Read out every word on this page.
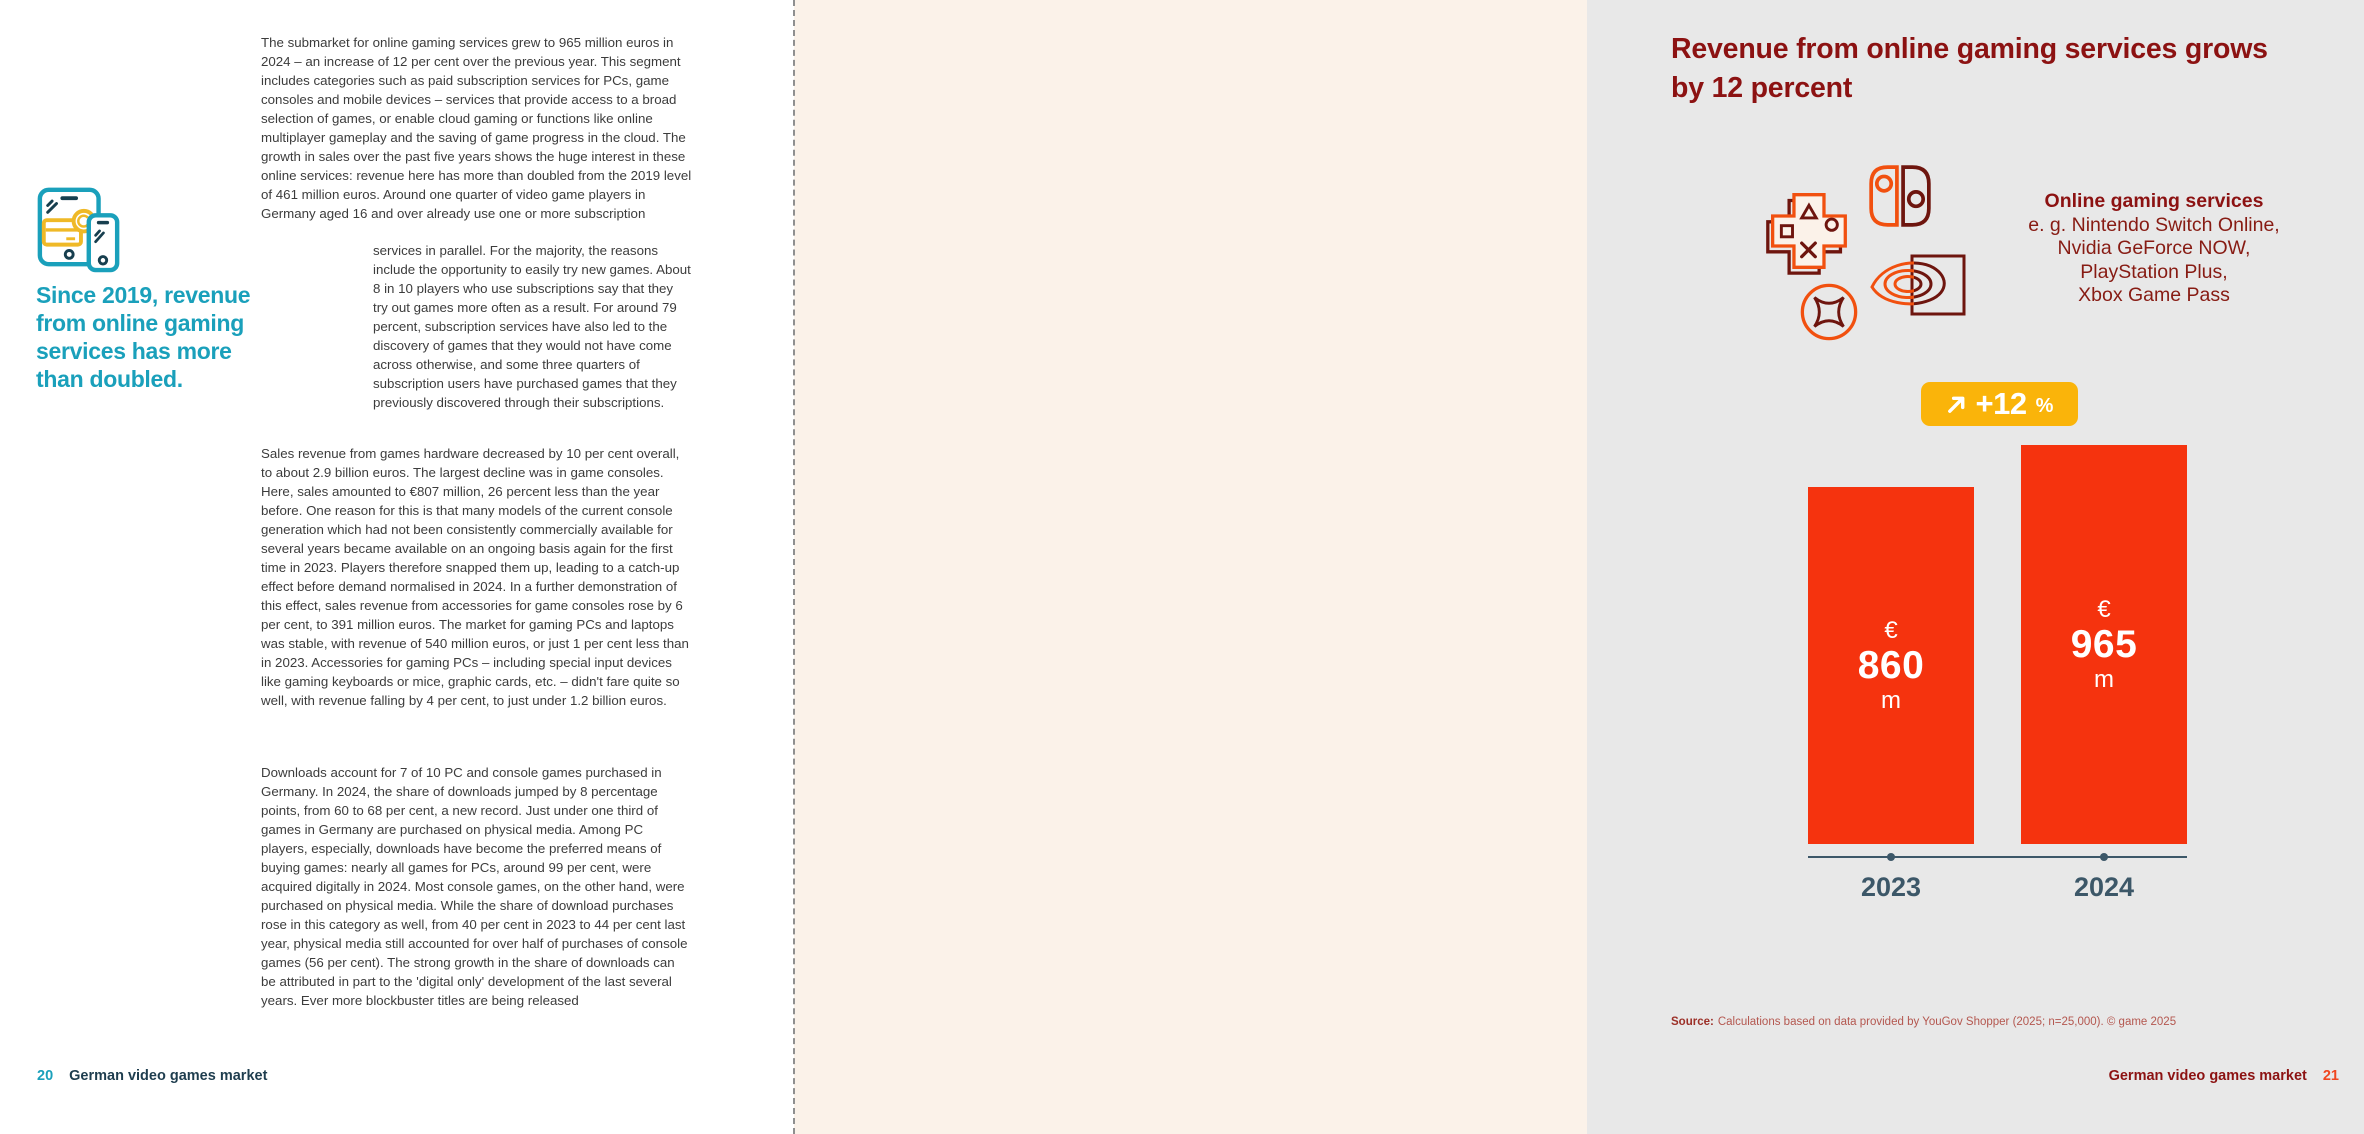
Since 2019, revenue from online gaming services has more than doubled.
The submarket for online gaming services grew to 965 million euros in 2024 – an increase of 12 per cent over the previous year. This segment includes categories such as paid subscription services for PCs, game consoles and mobile devices – services that provide access to a broad selection of games, or enable cloud gaming or functions like online multiplayer gameplay and the saving of game progress in the cloud. The growth in sales over the past five years shows the huge interest in these online services: revenue here has more than doubled from the 2019 level of 461 million euros. Around one quarter of video game players in Germany aged 16 and over already use one or more subscription
services in parallel. For the majority, the reasons include the opportunity to easily try new games. About 8 in 10 players who use subscriptions say that they try out games more often as a result. For around 79 percent, subscription services have also led to the discovery of games that they would not have come across otherwise, and some three quarters of subscription users have purchased games that they previously discovered through their subscriptions.
Sales revenue from games hardware decreased by 10 per cent overall, to about 2.9 billion euros. The largest decline was in game consoles. Here, sales amounted to €807 million, 26 percent less than the year before. One reason for this is that many models of the current console generation which had not been consistently commercially available for several years became available on an ongoing basis again for the first time in 2023. Players therefore snapped them up, leading to a catch-up effect before demand normalised in 2024. In a further demonstration of this effect, sales revenue from accessories for game consoles rose by 6 per cent, to 391 million euros. The market for gaming PCs and laptops was stable, with revenue of 540 million euros, or just 1 per cent less than in 2023. Accessories for gaming PCs – including special input devices like gaming keyboards or mice, graphic cards, etc. – didn't fare quite so well, with revenue falling by 4 per cent, to just under 1.2 billion euros.
Downloads account for 7 of 10 PC and console games purchased in Germany. In 2024, the share of downloads jumped by 8 percentage points, from 60 to 68 per cent, a new record. Just under one third of games in Germany are purchased on physical media. Among PC players, especially, downloads have become the preferred means of buying games: nearly all games for PCs, around 99 per cent, were acquired digitally in 2024. Most console games, on the other hand, were purchased on physical media. While the share of download purchases rose in this category as well, from 40 per cent in 2023 to 44 per cent last year, physical media still accounted for over half of purchases of console games (56 per cent). The strong growth in the share of downloads can be attributed in part to the 'digital only' development of the last several years. Ever more blockbuster titles are being released
20 German video games market
Revenue from online gaming services grows by 12 percent
Online gaming services
e. g. Nintendo Switch Online,
Nvidia GeForce NOW,
PlayStation Plus,
Xbox Game Pass
+12 %
€
860
m
€
965
m
2023	2024
Source: Calculations based on data provided by YouGov Shopper (2025; n=25,000). © game 2025
German video games market 21
